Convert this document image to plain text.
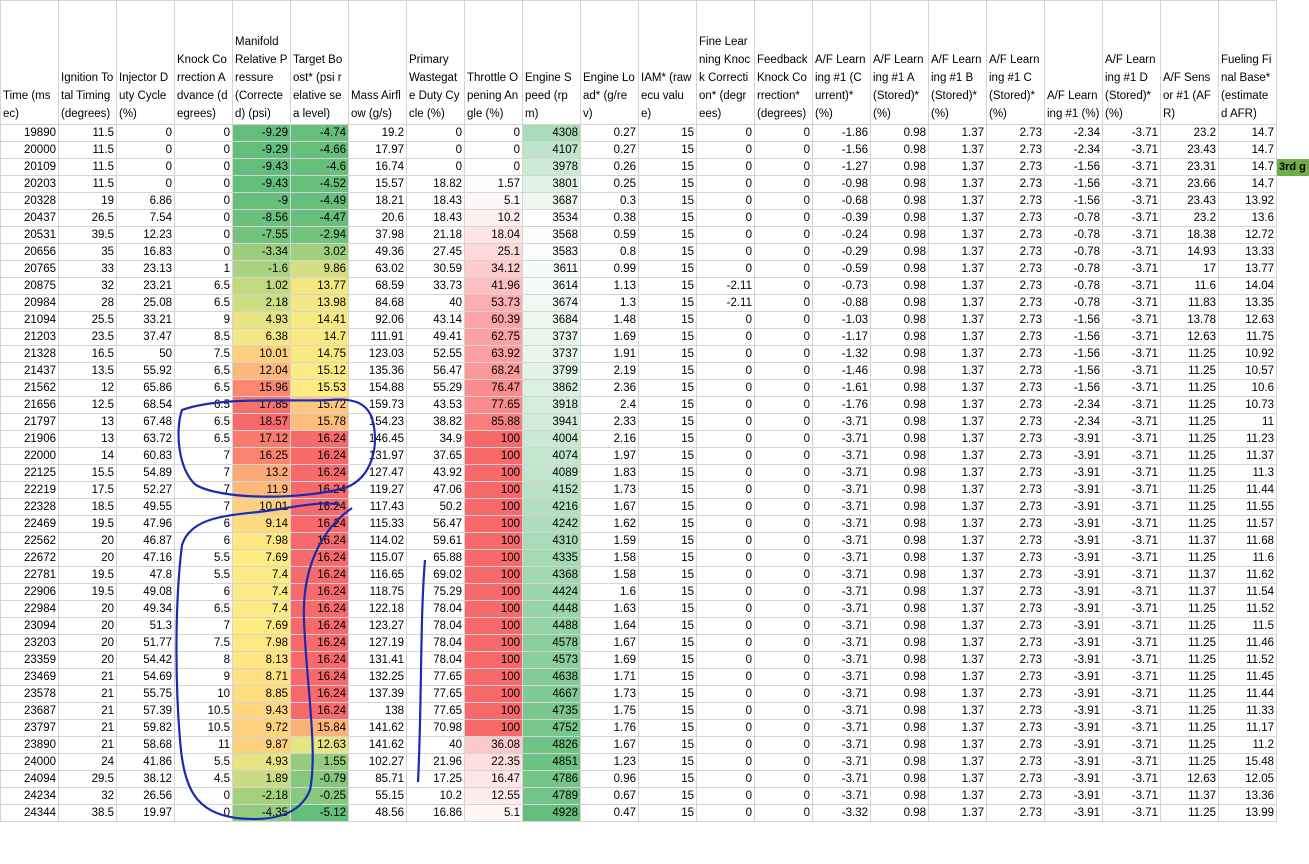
Time (msec)	Ignition Total Timing (degrees)	Injector Duty Cycle (%)	Knock Correction Advance (degrees)	Manifold Relative Pressure (Corrected) (psi)	Target Boost* (psi relative sea level)	Mass Airflow (g/s)	Primary Wastegate Duty Cycle (%)	Throttle Opening Angle (%)	Engine Speed (rpm)	Engine Load* (g/rev)	IAM* (raw ecu value)	Fine Learning Knock Correction* (degrees)	Feedback Knock Correction* (degrees)	A/F Learning #1 (Current)* (%)	A/F Learning #1 A (Stored)* (%)	A/F Learning #1 B (Stored)* (%)	A/F Learning #1 C (Stored)* (%)	A/F Learning #1 (%)	A/F Learning #1 D (Stored)* (%)	A/F Sensor #1 (AFR)	Fueling Final Base* (estimated AFR)
19890	11.5	0	0	-9.29	-4.74	19.2	0	0	4308	0.27	15	0	0	-1.86	0.98	1.37	2.73	-2.34	-3.71	23.2	14.7
20000	11.5	0	0	-9.29	-4.66	17.97	0	0	4107	0.27	15	0	0	-1.56	0.98	1.37	2.73	-2.34	-3.71	23.43	14.7
20109	11.5	0	0	-9.43	-4.6	16.74	0	0	3978	0.26	15	0	0	-1.27	0.98	1.37	2.73	-1.56	-3.71	23.31	14.7
20203	11.5	0	0	-9.43	-4.52	15.57	18.82	1.57	3801	0.25	15	0	0	-0.98	0.98	1.37	2.73	-1.56	-3.71	23.66	14.7
20328	19	6.86	0	-9	-4.49	18.21	18.43	5.1	3687	0.3	15	0	0	-0.68	0.98	1.37	2.73	-1.56	-3.71	23.43	13.92
20437	26.5	7.54	0	-8.56	-4.47	20.6	18.43	10.2	3534	0.38	15	0	0	-0.39	0.98	1.37	2.73	-0.78	-3.71	23.2	13.6
20531	39.5	12.23	0	-7.55	-2.94	37.98	21.18	18.04	3568	0.59	15	0	0	-0.24	0.98	1.37	2.73	-0.78	-3.71	18.38	12.72
20656	35	16.83	0	-3.34	3.02	49.36	27.45	25.1	3583	0.8	15	0	0	-0.29	0.98	1.37	2.73	-0.78	-3.71	14.93	13.33
20765	33	23.13	1	-1.6	9.86	63.02	30.59	34.12	3611	0.99	15	0	0	-0.59	0.98	1.37	2.73	-0.78	-3.71	17	13.77
20875	32	23.21	6.5	1.02	13.77	68.59	33.73	41.96	3614	1.13	15	-2.11	0	-0.73	0.98	1.37	2.73	-0.78	-3.71	11.6	14.04
20984	28	25.08	6.5	2.18	13.98	84.68	40	53.73	3674	1.3	15	-2.11	0	-0.88	0.98	1.37	2.73	-0.78	-3.71	11.83	13.35
21094	25.5	33.21	9	4.93	14.41	92.06	43.14	60.39	3684	1.48	15	0	0	-1.03	0.98	1.37	2.73	-1.56	-3.71	13.78	12.63
21203	23.5	37.47	8.5	6.38	14.7	111.91	49.41	62.75	3737	1.69	15	0	0	-1.17	0.98	1.37	2.73	-1.56	-3.71	12.63	11.75
21328	16.5	50	7.5	10.01	14.75	123.03	52.55	63.92	3737	1.91	15	0	0	-1.32	0.98	1.37	2.73	-1.56	-3.71	11.25	10.92
21437	13.5	55.92	6.5	12.04	15.12	135.36	56.47	68.24	3799	2.19	15	0	0	-1.46	0.98	1.37	2.73	-1.56	-3.71	11.25	10.57
21562	12	65.86	6.5	15.96	15.53	154.88	55.29	76.47	3862	2.36	15	0	0	-1.61	0.98	1.37	2.73	-1.56	-3.71	11.25	10.6
21656	12.5	68.54	6.5	17.85	15.72	159.73	43.53	77.65	3918	2.4	15	0	0	-1.76	0.98	1.37	2.73	-2.34	-3.71	11.25	10.73
21797	13	67.48	6.5	18.57	15.78	154.23	38.82	85.88	3941	2.33	15	0	0	-3.71	0.98	1.37	2.73	-2.34	-3.71	11.25	11
21906	13	63.72	6.5	17.12	16.24	146.45	34.9	100	4004	2.16	15	0	0	-3.71	0.98	1.37	2.73	-3.91	-3.71	11.25	11.23
22000	14	60.83	7	16.25	16.24	131.97	37.65	100	4074	1.97	15	0	0	-3.71	0.98	1.37	2.73	-3.91	-3.71	11.25	11.37
22125	15.5	54.89	7	13.2	16.24	127.47	43.92	100	4089	1.83	15	0	0	-3.71	0.98	1.37	2.73	-3.91	-3.71	11.25	11.3
22219	17.5	52.27	7	11.9	16.24	119.27	47.06	100	4152	1.73	15	0	0	-3.71	0.98	1.37	2.73	-3.91	-3.71	11.25	11.44
22328	18.5	49.55	7	10.01	16.24	117.43	50.2	100	4216	1.67	15	0	0	-3.71	0.98	1.37	2.73	-3.91	-3.71	11.25	11.55
22469	19.5	47.96	6	9.14	16.24	115.33	56.47	100	4242	1.62	15	0	0	-3.71	0.98	1.37	2.73	-3.91	-3.71	11.25	11.57
22562	20	46.87	6	7.98	16.24	114.02	59.61	100	4310	1.59	15	0	0	-3.71	0.98	1.37	2.73	-3.91	-3.71	11.37	11.68
22672	20	47.16	5.5	7.69	16.24	115.07	65.88	100	4335	1.58	15	0	0	-3.71	0.98	1.37	2.73	-3.91	-3.71	11.25	11.6
22781	19.5	47.8	5.5	7.4	16.24	116.65	69.02	100	4368	1.58	15	0	0	-3.71	0.98	1.37	2.73	-3.91	-3.71	11.37	11.62
22906	19.5	49.08	6	7.4	16.24	118.75	75.29	100	4424	1.6	15	0	0	-3.71	0.98	1.37	2.73	-3.91	-3.71	11.37	11.54
22984	20	49.34	6.5	7.4	16.24	122.18	78.04	100	4448	1.63	15	0	0	-3.71	0.98	1.37	2.73	-3.91	-3.71	11.25	11.52
23094	20	51.3	7	7.69	16.24	123.27	78.04	100	4488	1.64	15	0	0	-3.71	0.98	1.37	2.73	-3.91	-3.71	11.25	11.5
23203	20	51.77	7.5	7.98	16.24	127.19	78.04	100	4578	1.67	15	0	0	-3.71	0.98	1.37	2.73	-3.91	-3.71	11.25	11.46
23359	20	54.42	8	8.13	16.24	131.41	78.04	100	4573	1.69	15	0	0	-3.71	0.98	1.37	2.73	-3.91	-3.71	11.25	11.52
23469	21	54.69	9	8.71	16.24	132.25	77.65	100	4638	1.71	15	0	0	-3.71	0.98	1.37	2.73	-3.91	-3.71	11.25	11.45
23578	21	55.75	10	8.85	16.24	137.39	77.65	100	4667	1.73	15	0	0	-3.71	0.98	1.37	2.73	-3.91	-3.71	11.25	11.44
23687	21	57.39	10.5	9.43	16.24	138	77.65	100	4735	1.75	15	0	0	-3.71	0.98	1.37	2.73	-3.91	-3.71	11.25	11.33
23797	21	59.82	10.5	9.72	15.84	141.62	70.98	100	4752	1.76	15	0	0	-3.71	0.98	1.37	2.73	-3.91	-3.71	11.25	11.17
23890	21	58.68	11	9.87	12.63	141.62	40	36.08	4826	1.67	15	0	0	-3.71	0.98	1.37	2.73	-3.91	-3.71	11.25	11.2
24000	24	41.86	5.5	4.93	1.55	102.27	21.96	22.35	4851	1.23	15	0	0	-3.71	0.98	1.37	2.73	-3.91	-3.71	11.25	15.48
24094	29.5	38.12	4.5	1.89	-0.79	85.71	17.25	16.47	4786	0.96	15	0	0	-3.71	0.98	1.37	2.73	-3.91	-3.71	12.63	12.05
24234	32	26.56	0	-2.18	-0.25	55.15	10.2	12.55	4789	0.67	15	0	0	-3.71	0.98	1.37	2.73	-3.91	-3.71	11.37	13.36
24344	38.5	19.97	0	-4.35	-5.12	48.56	16.86	5.1	4928	0.47	15	0	0	-3.32	0.98	1.37	2.73	-3.91	-3.71	11.25	13.99
3rd g
